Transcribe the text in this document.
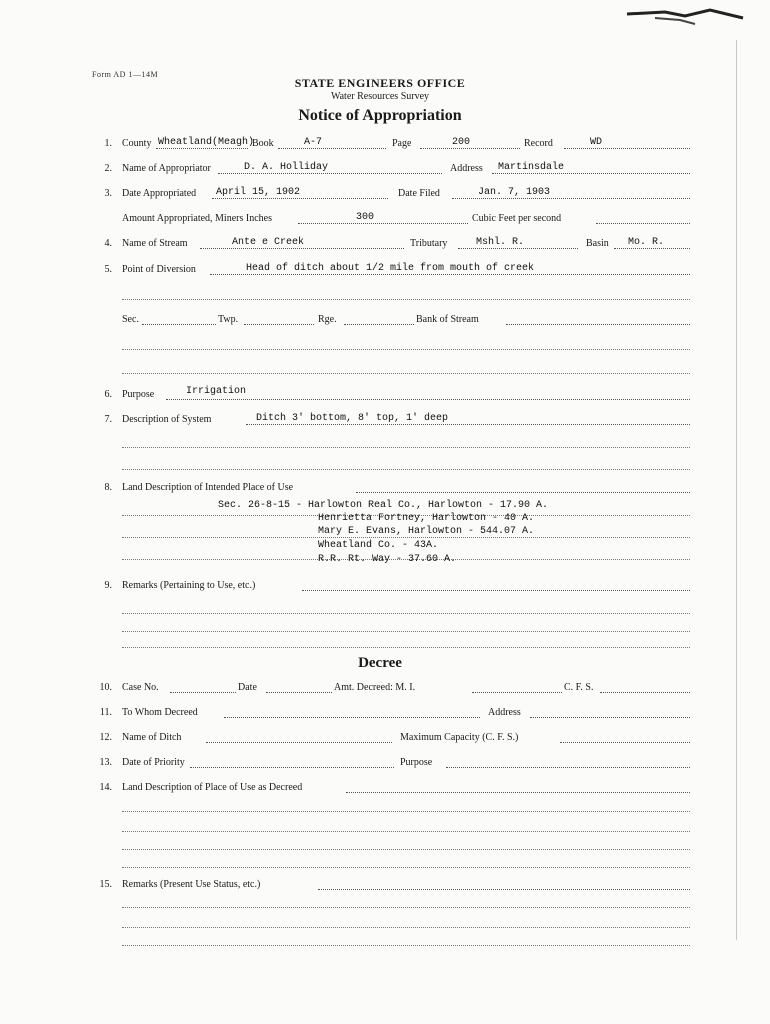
Form AD 1—14M
STATE ENGINEERS OFFICE
Water Resources Survey
Notice of Appropriation
1. County Wheatland(Meagh)
Book	A-7	Page	200	Record	WD
2. Name of Appropriator	D. A. Holliday	Address Martinsdale
3. Date Appropriated April 15, 1902	Date Filed	Jan. 7, 1903
Amount Appropriated, Miners Inches	300	Cubic Feet per second
4. Name of Stream	Ante e Creek	Tributary	Mshl. R.	Basin Mo. R.
5. Point of Diversion	Head of ditch about 1/2 mile from mouth of creek
Sec.	Twp.	Rge.	Bank of Stream
6. Purpose	Irrigation
7. Description of System	Ditch 3' bottom, 8' top, 1' deep
8. Land Description of Intended Place of Use
Sec. 26-8-15 - Harlowton Real Co., Harlowton - 17.90 A.
Henrietta Fortney, Harlowton - 40 A.
Mary E. Evans, Harlowton - 544.07 A.
Wheatland Co. - 43A.
R.R. Rt. Way - 37.60 A.
9. Remarks (Pertaining to Use, etc.)
Decree
10. Case No.	Date	Amt. Decreed: M. I.	C. F. S.
11. To Whom Decreed	Address
12. Name of Ditch	Maximum Capacity (C. F. S.)
13. Date of Priority	Purpose
14. Land Description of Place of Use as Decreed
15. Remarks (Present Use Status, etc.)
